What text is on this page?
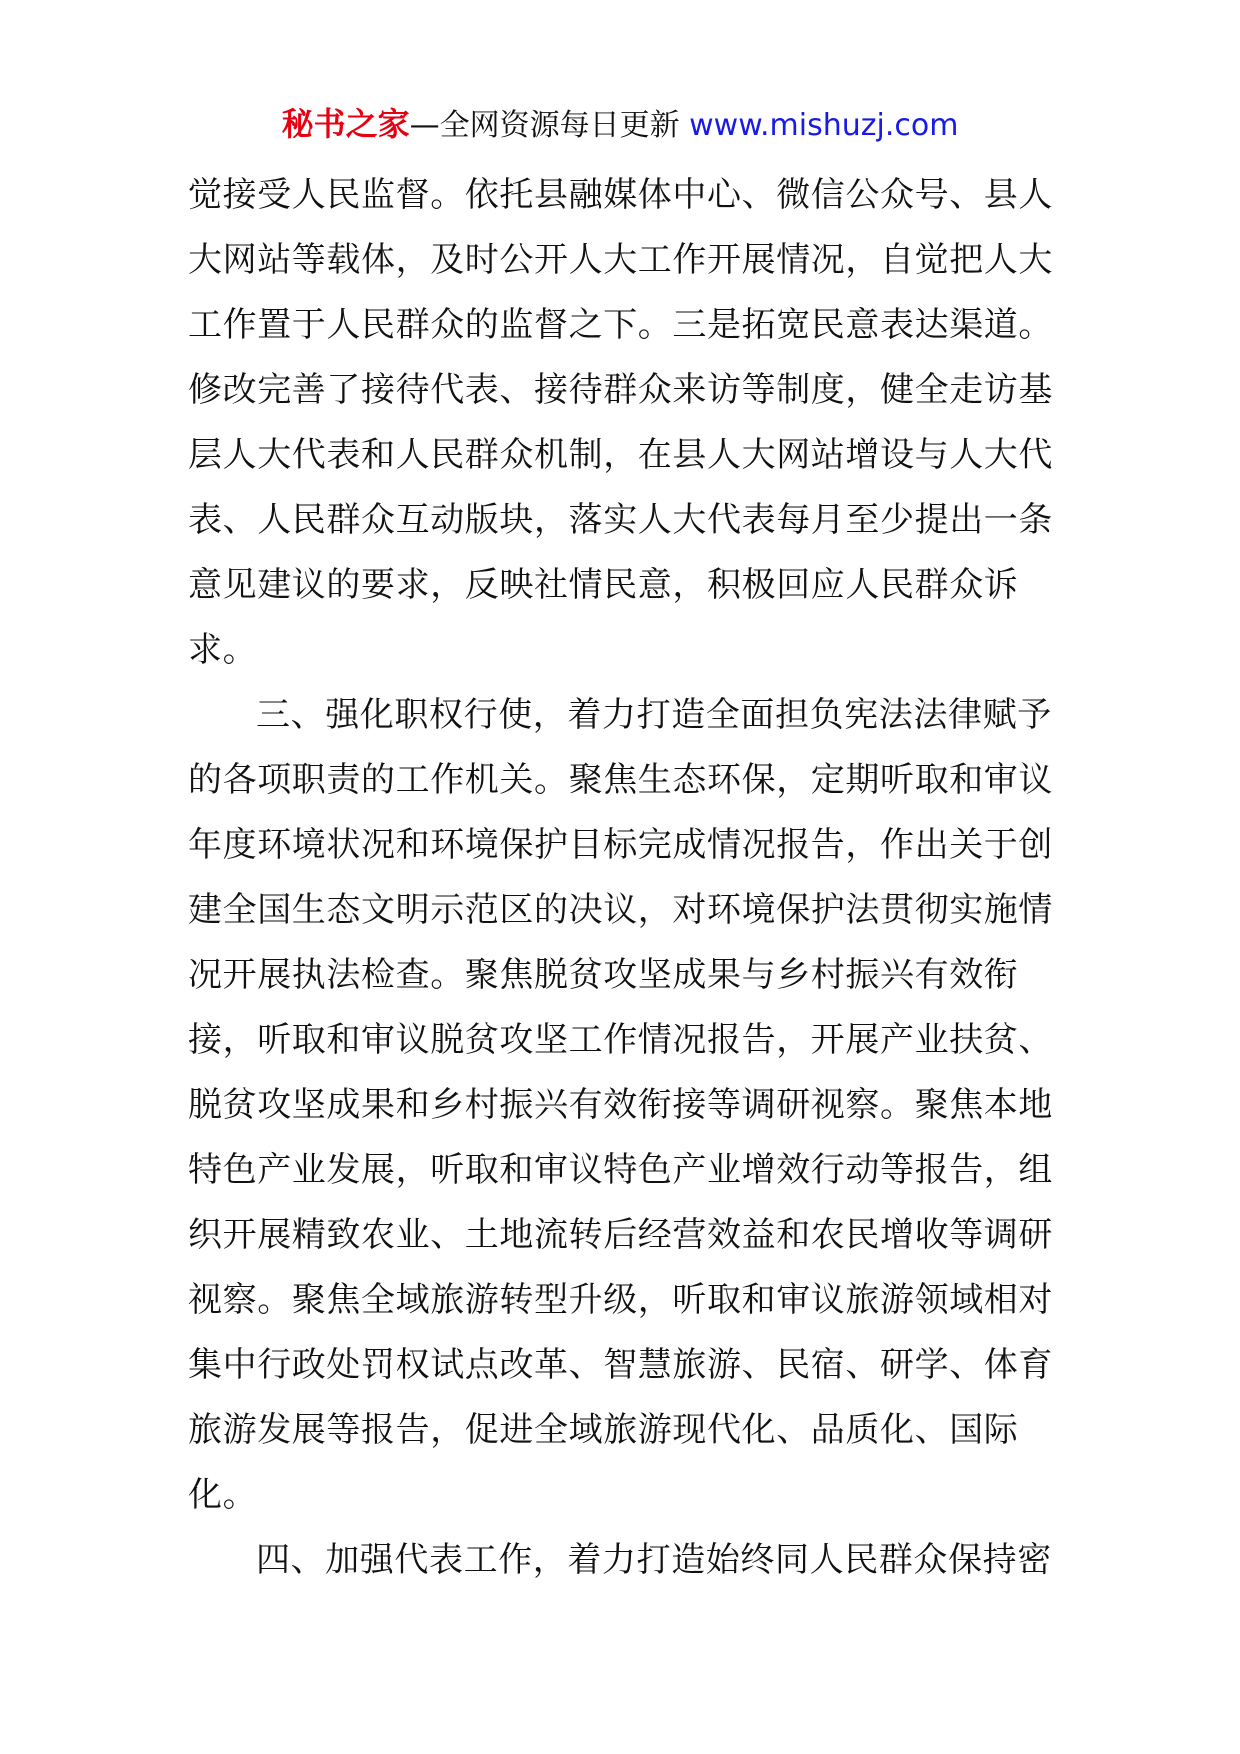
秘书之家—全网资源每日更新 www.mishuzj.com
觉接受人民监督。依托县融媒体中心、微信公众号、县人
大网站等载体，及时公开人大工作开展情况，自觉把人大
工作置于人民群众的监督之下。三是拓宽民意表达渠道。
修改完善了接待代表、接待群众来访等制度，健全走访基
层人大代表和人民群众机制，在县人大网站增设与人大代
表、人民群众互动版块，落实人大代表每月至少提出一条
意见建议的要求，反映社情民意，积极回应人民群众诉
求。
三、强化职权行使，着力打造全面担负宪法法律赋予
的各项职责的工作机关。聚焦生态环保，定期听取和审议
年度环境状况和环境保护目标完成情况报告，作出关于创
建全国生态文明示范区的决议，对环境保护法贯彻实施情
况开展执法检查。聚焦脱贫攻坚成果与乡村振兴有效衔
接，听取和审议脱贫攻坚工作情况报告，开展产业扶贫、
脱贫攻坚成果和乡村振兴有效衔接等调研视察。聚焦本地
特色产业发展，听取和审议特色产业增效行动等报告，组
织开展精致农业、土地流转后经营效益和农民增收等调研
视察。聚焦全域旅游转型升级，听取和审议旅游领域相对
集中行政处罚权试点改革、智慧旅游、民宿、研学、体育
旅游发展等报告，促进全域旅游现代化、品质化、国际
化。
四、加强代表工作，着力打造始终同人民群众保持密
